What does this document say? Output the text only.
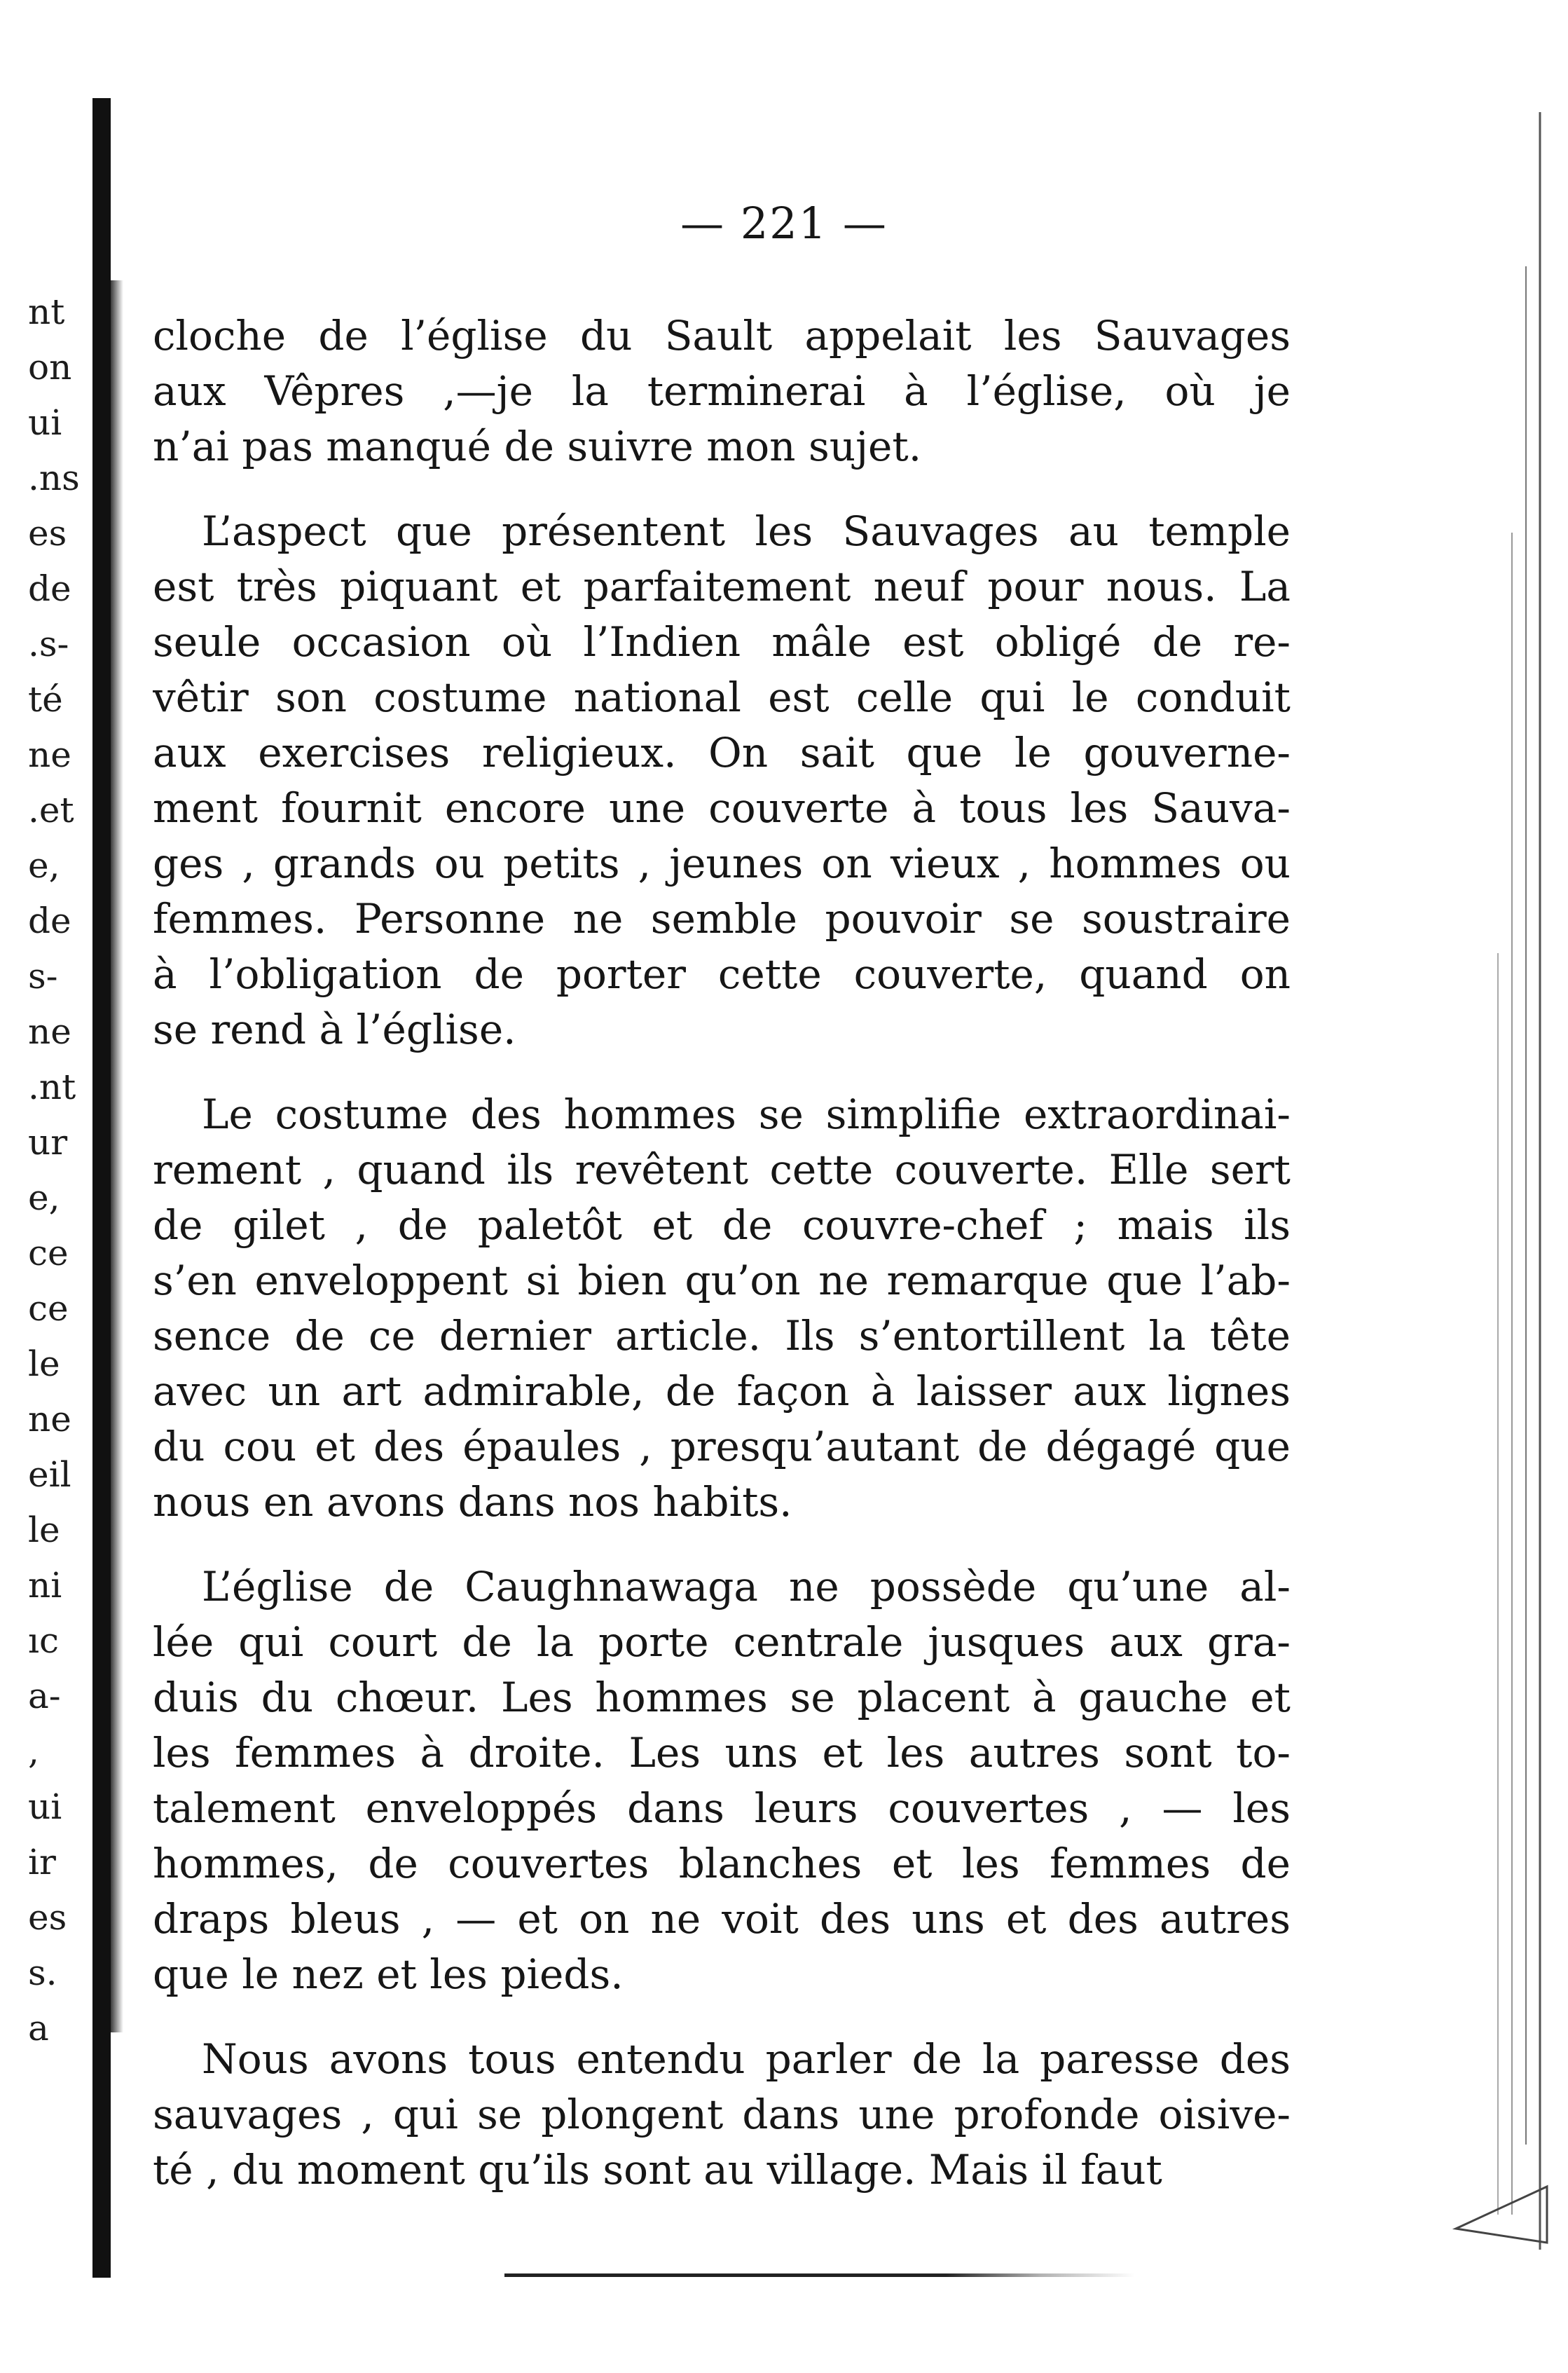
nt
on
ui
.ns
es
de
.s-
té
ne
.et
e,
de
s-
ne
.nt
ur
e,
ce
ce
le
ne
eil
le
ni
ıc
a-
,
ui
ir
es
s.
a
— 221 —
cloche de l’église du Sault appelait les Sauvages
aux Vêpres ,—je la terminerai à l’église, où je
n’ai pas manqué de suivre mon sujet.
L’aspect que présentent les Sauvages au temple
est très piquant et parfaitement neuf pour nous. La
seule occasion où l’Indien mâle est obligé de re-
vêtir son costume national est celle qui le conduit
aux exercises religieux. On sait que le gouverne-
ment fournit encore une couverte à tous les Sauva-
ges , grands ou petits , jeunes on vieux , hommes ou
femmes. Personne ne semble pouvoir se soustraire
à l’obligation de porter cette couverte, quand on
se rend à l’église.
Le costume des hommes se simplifie extraordinai-
rement , quand ils revêtent cette couverte. Elle sert
de gilet , de paletôt et de couvre-chef ; mais ils
s’en enveloppent si bien qu’on ne remarque que l’ab-
sence de ce dernier article. Ils s’entortillent la tête
avec un art admirable, de façon à laisser aux lignes
du cou et des épaules , presqu’autant de dégagé que
nous en avons dans nos habits.
L’église de Caughnawaga ne possède qu’une al-
lée qui court de la porte centrale jusques aux gra-
duis du chœur. Les hommes se placent à gauche et
les femmes à droite. Les uns et les autres sont to-
talement enveloppés dans leurs couvertes , — les
hommes, de couvertes blanches et les femmes de
draps bleus , — et on ne voit des uns et des autres
que le nez et les pieds.
Nous avons tous entendu parler de la paresse des
sauvages , qui se plongent dans une profonde oisive-
té , du moment qu’ils sont au village. Mais il faut
